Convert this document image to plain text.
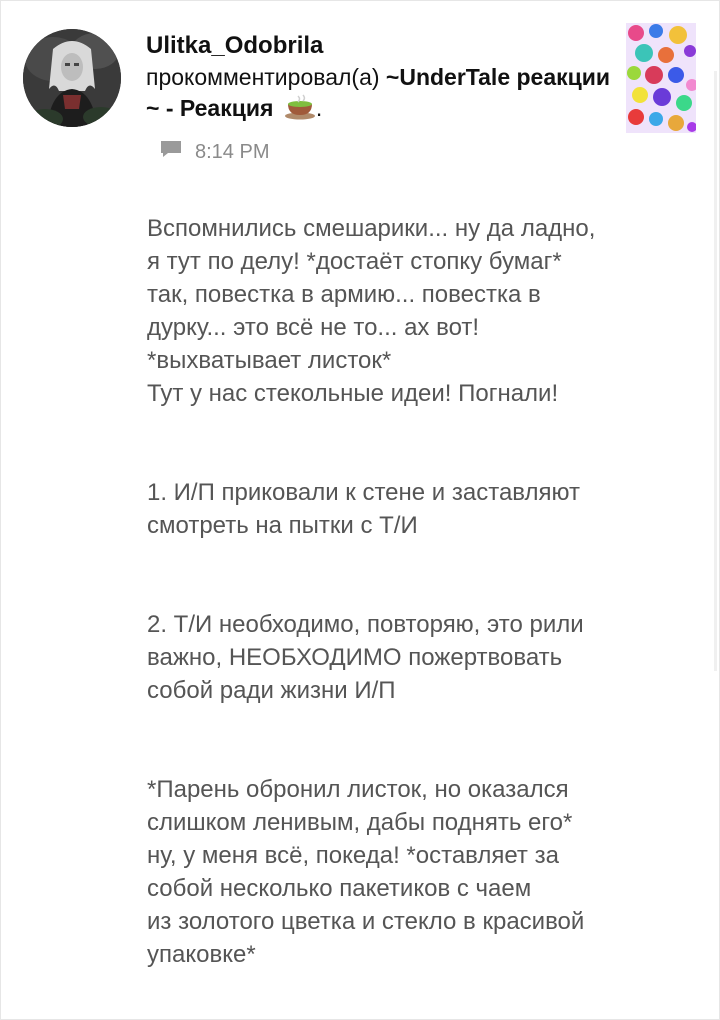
Ulitka_Odobrila
прокомментировал(а) ~UnderTale реакции ~ - Реакция .
8:14 PM

Вспомнились смешарики... ну да ладно, я тут по делу! *достаёт стопку бумаг* так, повестка в армию... повестка в дурку... это всё не то... ах вот! *выхватывает листок*
Тут у нас стекольные идеи! Погнали!

1. И/П приковали к стене и заставляют смотреть на пытки с Т/И

2. Т/И необходимо, повторяю, это рили важно, НЕОБХОДИМО пожертвовать собой ради жизни И/П

*Парень обронил листок, но оказался слишком ленивым, дабы поднять его* ну, у меня всё, покеда! *оставляет за собой несколько пакетиков с чаем
из золотого цветка и стекло в красивой упаковке*
